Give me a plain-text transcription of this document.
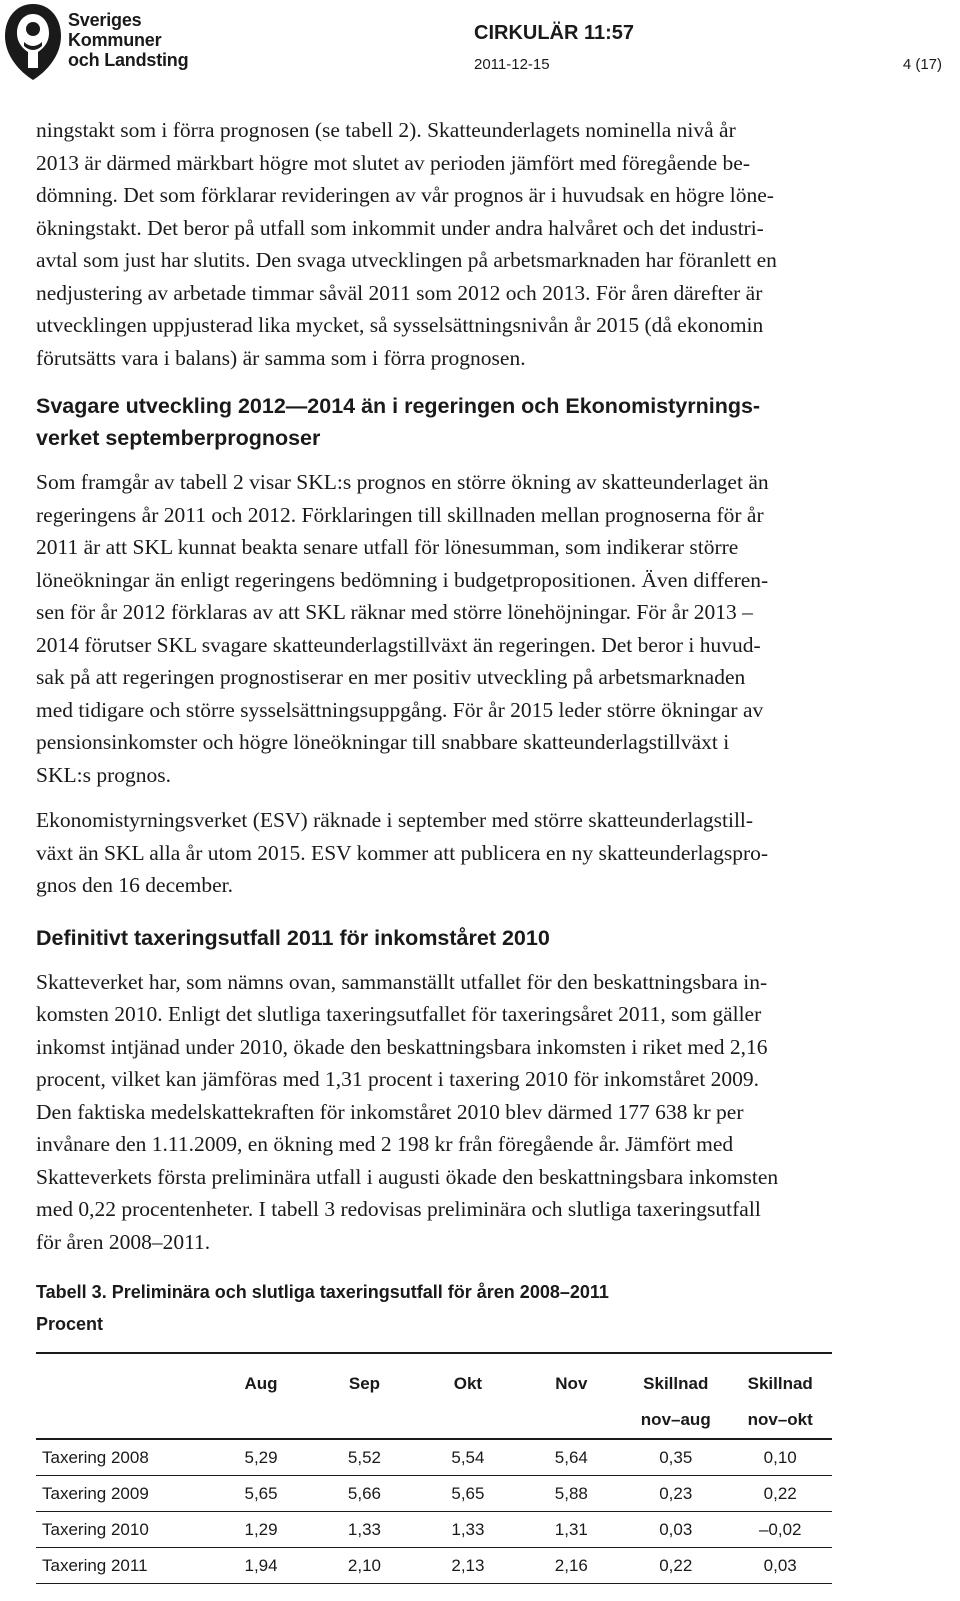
Sveriges
Kommuner
och Landsting
CIRKULÄR 11:57
2011-12-15	4 (17)
ningstakt som i förra prognosen (se tabell 2). Skatteunderlagets nominella nivå år
2013 är därmed märkbart högre mot slutet av perioden jämfört med föregående be-
dömning. Det som förklarar revideringen av vår prognos är i huvudsak en högre löne-
ökningstakt. Det beror på utfall som inkommit under andra halvåret och det industri-
avtal som just har slutits. Den svaga utvecklingen på arbetsmarknaden har föranlett en
nedjustering av arbetade timmar såväl 2011 som 2012 och 2013. För åren därefter är
utvecklingen uppjusterad lika mycket, så sysselsättningsnivån år 2015 (då ekonomin
förutsätts vara i balans) är samma som i förra prognosen.
Svagare utveckling 2012—2014 än i regeringen och Ekonomistyrnings-
verket septemberprognoser
Som framgår av tabell 2 visar SKL:s prognos en större ökning av skatteunderlaget än
regeringens år 2011 och 2012. Förklaringen till skillnaden mellan prognoserna för år
2011 är att SKL kunnat beakta senare utfall för lönesumman, som indikerar större
löneökningar än enligt regeringens bedömning i budgetpropositionen. Även differen-
sen för år 2012 förklaras av att SKL räknar med större lönehöjningar. För år 2013 –
2014 förutser SKL svagare skatteunderlagstillväxt än regeringen. Det beror i huvud-
sak på att regeringen prognostiserar en mer positiv utveckling på arbetsmarknaden
med tidigare och större sysselsättningsuppgång. För år 2015 leder större ökningar av
pensionsinkomster och högre löneökningar till snabbare skatteunderlagstillväxt i
SKL:s prognos.
Ekonomistyrningsverket (ESV) räknade i september med större skatteunderlagstill-
växt än SKL alla år utom 2015. ESV kommer att publicera en ny skatteunderlagspro-
gnos den 16 december.
Definitivt taxeringsutfall 2011 för inkomståret 2010
Skatteverket har, som nämns ovan, sammanställt utfallet för den beskattningsbara in-
komsten 2010. Enligt det slutliga taxeringsutfallet för taxeringsåret 2011, som gäller
inkomst intjänad under 2010, ökade den beskattningsbara inkomsten i riket med 2,16
procent, vilket kan jämföras med 1,31 procent i taxering 2010 för inkomståret 2009.
Den faktiska medelskattekraften för inkomståret 2010 blev därmed 177 638 kr per
invånare den 1.11.2009, en ökning med 2 198 kr från föregående år. Jämfört med
Skatteverkets första preliminära utfall i augusti ökade den beskattningsbara inkomsten
med 0,22 procentenheter. I tabell 3 redovisas preliminära och slutliga taxeringsutfall
för åren 2008–2011.
Tabell 3. Preliminära och slutliga taxeringsutfall för åren 2008–2011
Procent
	Aug	Sep	Okt	Nov	Skillnad	Skillnad
					nov–aug	nov–okt
Taxering 2008	5,29	5,52	5,54	5,64	0,35	0,10
Taxering 2009	5,65	5,66	5,65	5,88	0,23	0,22
Taxering 2010	1,29	1,33	1,33	1,31	0,03	–0,02
Taxering 2011	1,94	2,10	2,13	2,16	0,22	0,03
